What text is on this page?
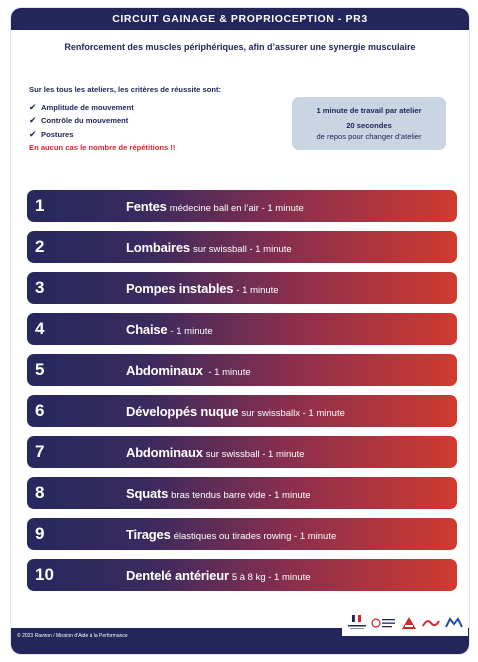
CIRCUIT GAINAGE & PROPRIOCEPTION - PR3
Renforcement des muscles périphériques, afin d’assurer une synergie musculaire
Sur les tous les ateliers, les critères de réussite sont:
✔ Amplitude de mouvement
✔ Contrôle du mouvement
✔ Postures
En aucun cas le nombre de répétitions !!
1 minute de travail par atelier
20 secondes
de repos pour changer d’atelier
1	Fentes médecine ball en l’air - 1 minute
2	Lombaires sur swissball - 1 minute
3	Pompes instables - 1 minute
4	Chaise - 1 minute
5	Abdominaux - 1 minute
6	Développés nuque sur swissballx - 1 minute
7	Abdominaux sur swissball - 1 minute
8	Squats bras tendus barre vide - 1 minute
9	Tirages élastiques ou tirades rowing - 1 minute
10	Dentelé antérieur 5 à 8 kg - 1 minute
© 2023 Raviron / Mission d’Aide à la Performance
